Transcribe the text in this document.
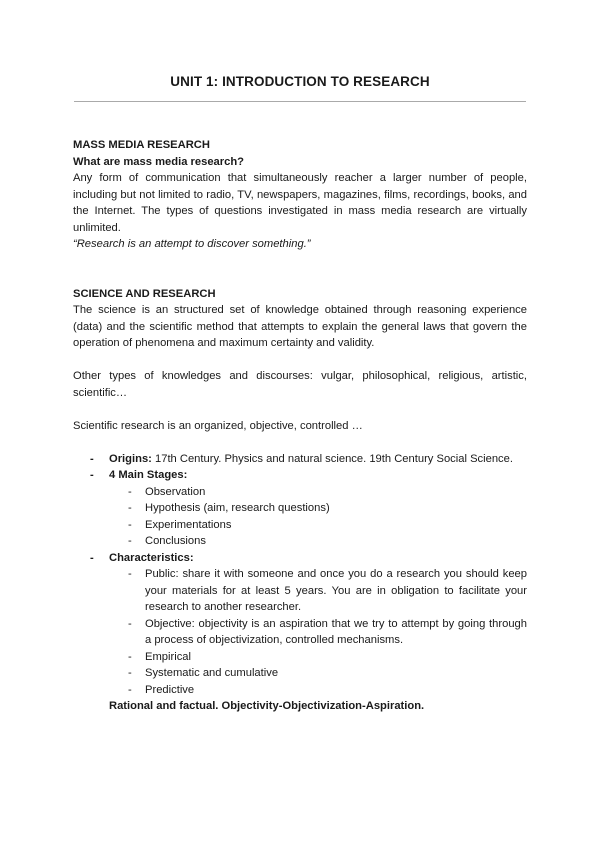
UNIT 1: INTRODUCTION TO RESEARCH

MASS MEDIA RESEARCH

What are mass media research?

Any form of communication that simultaneously reacher a larger number of people, including but not limited to radio, TV, newspapers, magazines, films, recordings, books, and the Internet. The types of questions investigated in mass media research are virtually unlimited.

“Research is an attempt to discover something.”

SCIENCE AND RESEARCH

The science is an structured set of knowledge obtained through reasoning experience (data) and the scientific method that attempts to explain the general laws that govern the operation of phenomena and maximum certainty and validity.

Other types of knowledges and discourses: vulgar, philosophical, religious, artistic, scientific…

Scientific research is an organized, objective, controlled …

- Origins: 17th Century. Physics and natural science. 19th Century Social Science.
- 4 Main Stages:
- Observation
- Hypothesis (aim, research questions)
- Experimentations
- Conclusions
- Characteristics:
- Public: share it with someone and once you do a research you should keep your materials for at least 5 years. You are in obligation to facilitate your research to another researcher.
- Objective: objectivity is an aspiration that we try to attempt by going through a process of objectivization, controlled mechanisms.
- Empirical
- Systematic and cumulative
- Predictive

Rational and factual. Objectivity-Objectivization-Aspiration.
